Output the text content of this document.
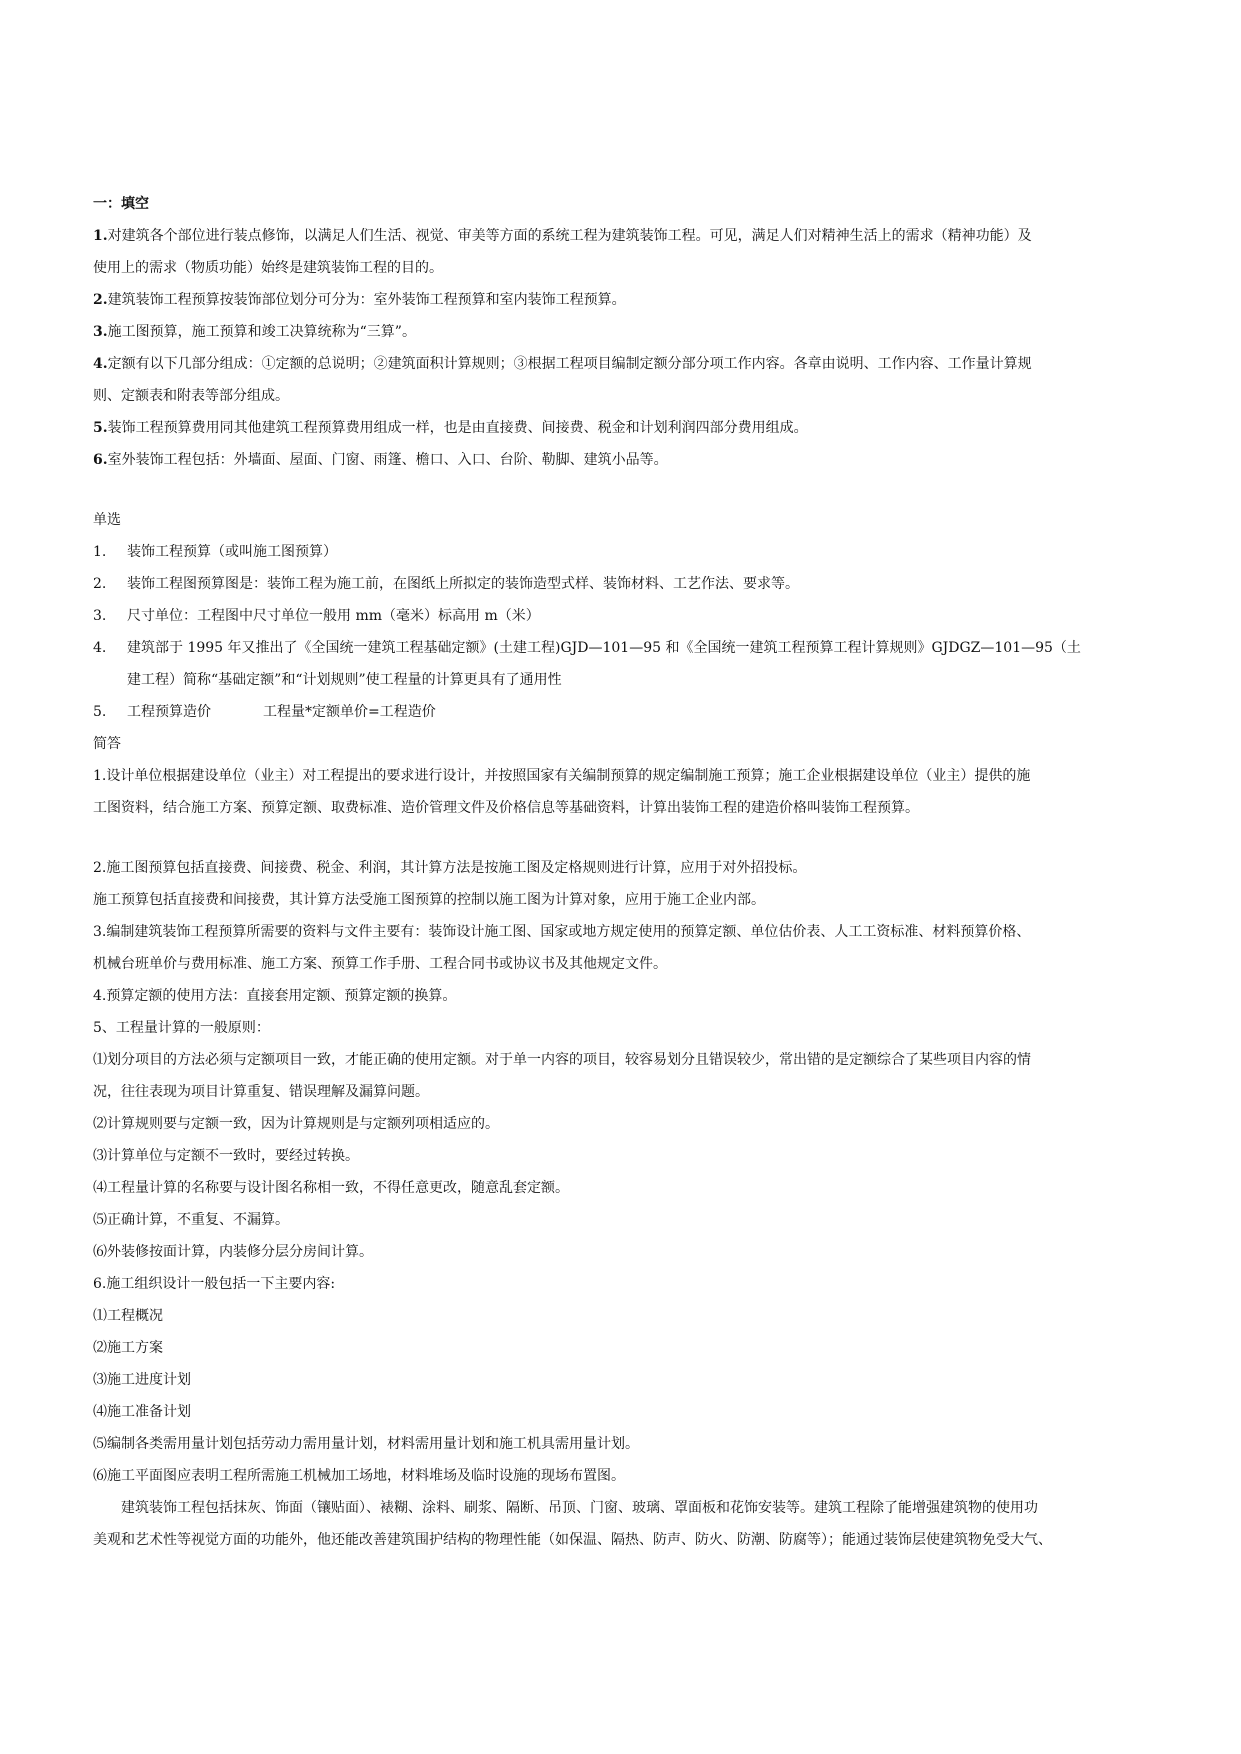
一：填空
1.对建筑各个部位进行装点修饰，以满足人们生活、视觉、审美等方面的系统工程为建筑装饰工程。可见，满足人们对精神生活上的需求（精神功能）及
使用上的需求（物质功能）始终是建筑装饰工程的目的。
2.建筑装饰工程预算按装饰部位划分可分为：室外装饰工程预算和室内装饰工程预算。
3.施工图预算，施工预算和竣工决算统称为“三算”。
4.定额有以下几部分组成：①定额的总说明；②建筑面积计算规则；③根据工程项目编制定额分部分项工作内容。各章由说明、工作内容、工作量计算规
则、定额表和附表等部分组成。
5.装饰工程预算费用同其他建筑工程预算费用组成一样，也是由直接费、间接费、税金和计划利润四部分费用组成。
6.室外装饰工程包括：外墙面、屋面、门窗、雨篷、檐口、入口、台阶、勒脚、建筑小品等。
单选
1.	装饰工程预算（或叫施工图预算）
2.	装饰工程图预算图是：装饰工程为施工前，在图纸上所拟定的装饰造型式样、装饰材料、工艺作法、要求等。
3.	尺寸单位：工程图中尺寸单位一般用 mm（毫米）标高用 m（米）
4.	建筑部于 1995 年又推出了《全国统一建筑工程基础定额》(土建工程)GJD—101—95 和《全国统一建筑工程预算工程计算规则》GJDGZ—101—95（土
建工程）简称“基础定额”和“计划规则”使工程量的计算更具有了通用性
5.	工程预算造价	工程量*定额单价=工程造价
简答
1.设计单位根据建设单位（业主）对工程提出的要求进行设计，并按照国家有关编制预算的规定编制施工预算；施工企业根据建设单位（业主）提供的施
工图资料，结合施工方案、预算定额、取费标准、造价管理文件及价格信息等基础资料，计算出装饰工程的建造价格叫装饰工程预算。
2.施工图预算包括直接费、间接费、税金、利润，其计算方法是按施工图及定格规则进行计算，应用于对外招投标。
施工预算包括直接费和间接费，其计算方法受施工图预算的控制以施工图为计算对象，应用于施工企业内部。
3.编制建筑装饰工程预算所需要的资料与文件主要有：装饰设计施工图、国家或地方规定使用的预算定额、单位估价表、人工工资标准、材料预算价格、
机械台班单价与费用标准、施工方案、预算工作手册、工程合同书或协议书及其他规定文件。
4.预算定额的使用方法：直接套用定额、预算定额的换算。
5、工程量计算的一般原则：
⑴划分项目的方法必须与定额项目一致，才能正确的使用定额。对于单一内容的项目，较容易划分且错误较少，常出错的是定额综合了某些项目内容的情
况，往往表现为项目计算重复、错误理解及漏算问题。
⑵计算规则要与定额一致，因为计算规则是与定额列项相适应的。
⑶计算单位与定额不一致时，要经过转换。
⑷工程量计算的名称要与设计图名称相一致，不得任意更改，随意乱套定额。
⑸正确计算，不重复、不漏算。
⑹外装修按面计算，内装修分层分房间计算。
6.施工组织设计一般包括一下主要内容:
⑴工程概况
⑵施工方案
⑶施工进度计划
⑷施工准备计划
⑸编制各类需用量计划包括劳动力需用量计划，材料需用量计划和施工机具需用量计划。
⑹施工平面图应表明工程所需施工机械加工场地，材料堆场及临时设施的现场布置图。
建筑装饰工程包括抹灰、饰面（镶贴面）、裱糊、涂料、刷浆、隔断、吊顶、门窗、玻璃、罩面板和花饰安装等。建筑工程除了能增强建筑物的使用功
美观和艺术性等视觉方面的功能外，他还能改善建筑围护结构的物理性能（如保温、隔热、防声、防火、防潮、防腐等）；能通过装饰层使建筑物免受大气、
